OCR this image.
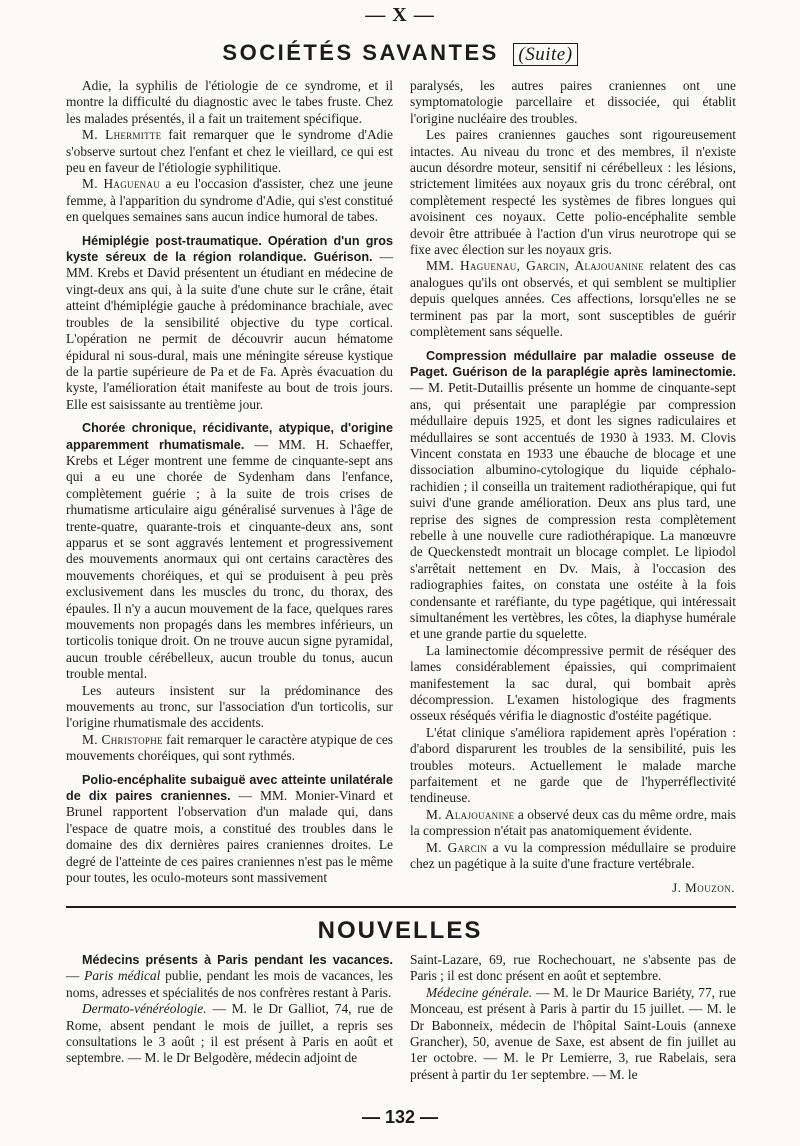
— X —
SOCIÉTÉS SAVANTES (Suite)

Adie, la syphilis de l'étiologie de ce syndrome, et il montre la difficulté du diagnostic avec le tabes fruste. Chez les malades présentés, il a fait un traitement spécifique.

M. Lhermitte fait remarquer que le syndrome d'Adie s'observe surtout chez l'enfant et chez le vieillard, ce qui est peu en faveur de l'étiologie syphilitique.

M. Haguenau a eu l'occasion d'assister, chez une jeune femme, à l'apparition du syndrome d'Adie, qui s'est constitué en quelques semaines sans aucun indice humoral de tabes.

Hémiplégie post-traumatique. Opération d'un gros kyste séreux de la région rolandique. Guérison. — MM. Krebs et David présentent un étudiant en médecine de vingt-deux ans qui, à la suite d'une chute sur le crâne, était atteint d'hémiplégie gauche à prédominance brachiale, avec troubles de la sensibilité objective du type cortical. L'opération ne permit de découvrir aucun hématome épidural ni sous-dural, mais une méningite séreuse kystique de la partie supérieure de Pa et de Fa. Après évacuation du kyste, l'amélioration était manifeste au bout de trois jours. Elle est saisissante au trentième jour.

Chorée chronique, récidivante, atypique, d'origine apparemment rhumatismale. — MM. H. Schaeffer, Krebs et Léger montrent une femme de cinquante-sept ans qui a eu une chorée de Sydenham dans l'enfance, complètement guérie ; à la suite de trois crises de rhumatisme articulaire aigu généralisé survenues à l'âge de trente-quatre, quarante-trois et cinquante-deux ans, sont apparus et se sont aggravés lentement et progressivement des mouvements anormaux qui ont certains caractères des mouvements choréiques, et qui se produisent à peu près exclusivement dans les muscles du tronc, du thorax, des épaules. Il n'y a aucun mouvement de la face, quelques rares mouvements non propagés dans les membres inférieurs, un torticolis tonique droit. On ne trouve aucun signe pyramidal, aucun trouble cérébelleux, aucun trouble du tonus, aucun trouble mental.

Les auteurs insistent sur la prédominance des mouvements au tronc, sur l'association d'un torticolis, sur l'origine rhumatismale des accidents.

M. Christophe fait remarquer le caractère atypique de ces mouvements choréiques, qui sont rythmés.

Polio-encéphalite subaiguë avec atteinte unilatérale de dix paires craniennes. — MM. Monier-Vinard et Brunel rapportent l'observation d'un malade qui, dans l'espace de quatre mois, a constitué des troubles dans le domaine des dix dernières paires craniennes droites. Le degré de l'atteinte de ces paires craniennes n'est pas le même pour toutes, les oculo-moteurs sont massivement

paralysés, les autres paires craniennes ont une symptomatologie parcellaire et dissociée, qui établit l'origine nucléaire des troubles.

Les paires craniennes gauches sont rigoureusement intactes. Au niveau du tronc et des membres, il n'existe aucun désordre moteur, sensitif ni cérébelleux : les lésions, strictement limitées aux noyaux gris du tronc cérébral, ont complètement respecté les systèmes de fibres longues qui avoisinent ces noyaux. Cette polio-encéphalite semble devoir être attribuée à l'action d'un virus neurotrope qui se fixe avec élection sur les noyaux gris.

MM. Haguenau, Garcin, Alajouanine relatent des cas analogues qu'ils ont observés, et qui semblent se multiplier depuis quelques années. Ces affections, lorsqu'elles ne se terminent pas par la mort, sont susceptibles de guérir complètement sans séquelle.

Compression médullaire par maladie osseuse de Paget. Guérison de la paraplégie après laminectomie. — M. Petit-Dutaillis présente un homme de cinquante-sept ans, qui présentait une paraplégie par compression médullaire depuis 1925, et dont les signes radiculaires et médullaires se sont accentués de 1930 à 1933. M. Clovis Vincent constata en 1933 une ébauche de blocage et une dissociation albumino-cytologique du liquide céphalo-rachidien ; il conseilla un traitement radiothérapique, qui fut suivi d'une grande amélioration. Deux ans plus tard, une reprise des signes de compression resta complètement rebelle à une nouvelle cure radiothérapique. La manœuvre de Queckenstedt montrait un blocage complet. Le lipiodol s'arrêtait nettement en Dv. Mais, à l'occasion des radiographies faites, on constata une ostéite à la fois condensante et raréfiante, du type pagétique, qui intéressait simultanément les vertèbres, les côtes, la diaphyse humérale et une grande partie du squelette.

La laminectomie décompressive permit de réséquer des lames considérablement épaissies, qui comprimaient manifestement la sac dural, qui bombait après décompression. L'examen histologique des fragments osseux réséqués vérifia le diagnostic d'ostéite pagétique.

L'état clinique s'améliora rapidement après l'opération : d'abord disparurent les troubles de la sensibilité, puis les troubles moteurs. Actuellement le malade marche parfaitement et ne garde que de l'hyperréflectivité tendineuse.

M. Alajouanine a observé deux cas du même ordre, mais la compression n'était pas anatomiquement évidente.

M. Garcin a vu la compression médullaire se produire chez un pagétique à la suite d'une fracture vertébrale.

J. Mouzon.
NOUVELLES

Médecins présents à Paris pendant les vacances. — Paris médical publie, pendant les mois de vacances, les noms, adresses et spécialités de nos confrères restant à Paris.

Dermato-vénéréologie. — M. le Dr Galliot, 74, rue de Rome, absent pendant le mois de juillet, a repris ses consultations le 3 août ; il est présent à Paris en août et septembre. — M. le Dr Belgodère, médecin adjoint de

Saint-Lazare, 69, rue Rochechouart, ne s'absente pas de Paris ; il est donc présent en août et septembre.

Médecine générale. — M. le Dr Maurice Bariéty, 77, rue Monceau, est présent à Paris à partir du 15 juillet. — M. le Dr Babonneix, médecin de l'hôpital Saint-Louis (annexe Grancher), 50, avenue de Saxe, est absent de fin juillet au 1er octobre. — M. le Pr Lemierre, 3, rue Rabelais, sera présent à partir du 1er septembre. — M. le

— 132 —
